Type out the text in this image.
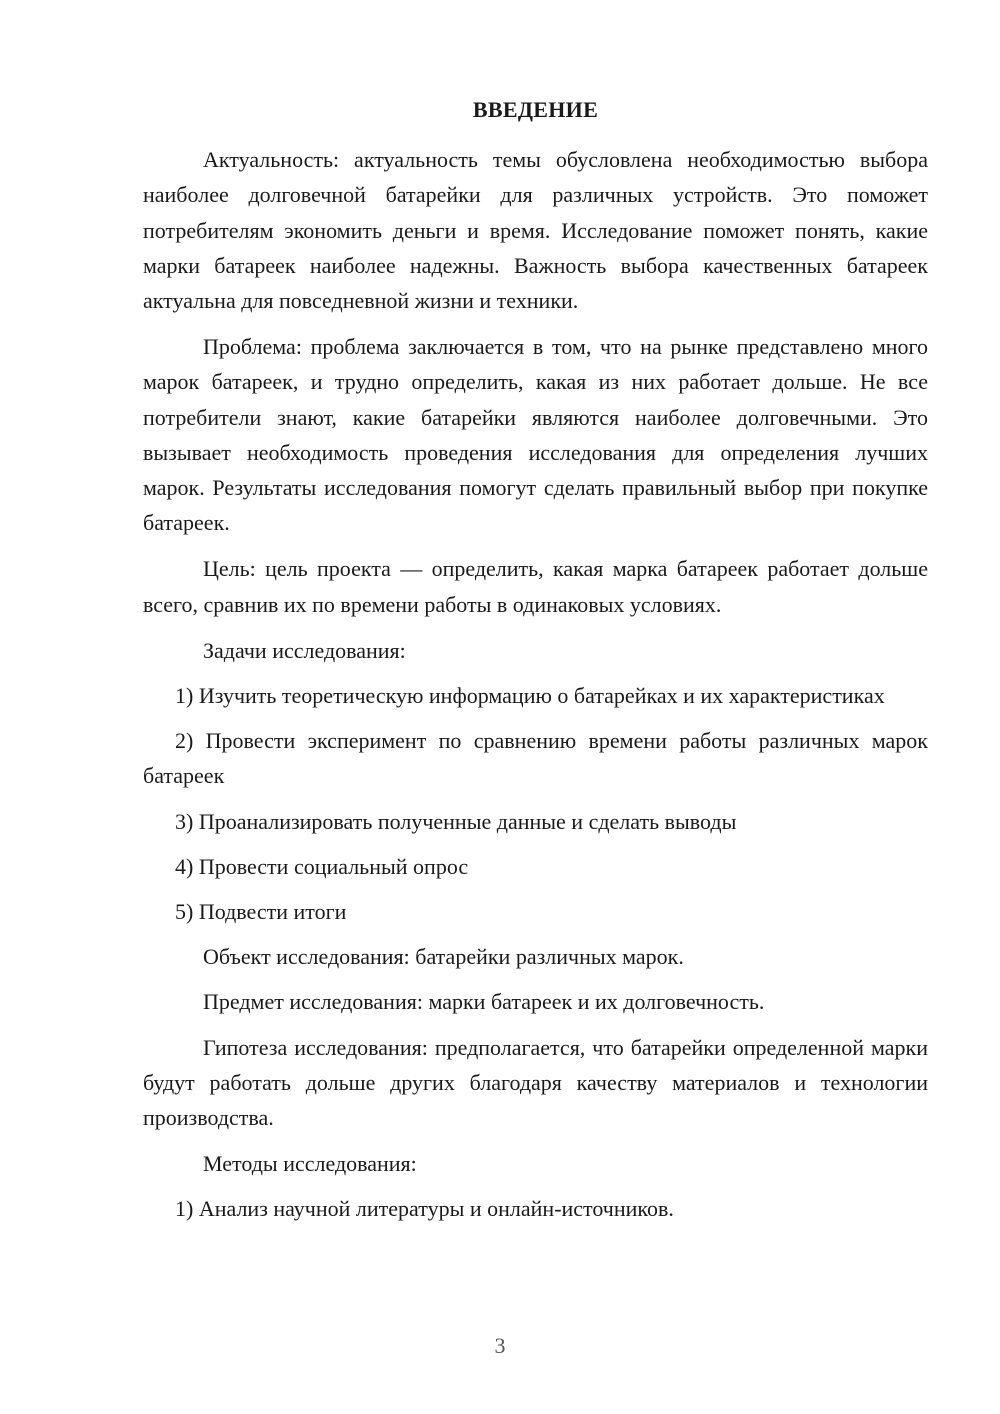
ВВЕДЕНИЕ

Актуальность: актуальность темы обусловлена необходимостью выбора наиболее долговечной батарейки для различных устройств. Это поможет потребителям экономить деньги и время. Исследование поможет понять, какие марки батареек наиболее надежны. Важность выбора качественных батареек актуальна для повседневной жизни и техники.

Проблема: проблема заключается в том, что на рынке представлено много марок батареек, и трудно определить, какая из них работает дольше. Не все потребители знают, какие батарейки являются наиболее долговечными. Это вызывает необходимость проведения исследования для определения лучших марок. Результаты исследования помогут сделать правильный выбор при покупке батареек.

Цель: цель проекта — определить, какая марка батареек работает дольше всего, сравнив их по времени работы в одинаковых условиях.

Задачи исследования:

1) Изучить теоретическую информацию о батарейках и их характеристиках

2) Провести эксперимент по сравнению времени работы различных марок батареек

3) Проанализировать полученные данные и сделать выводы

4) Провести социальный опрос

5) Подвести итоги

Объект исследования: батарейки различных марок.

Предмет исследования: марки батареек и их долговечность.

Гипотеза исследования: предполагается, что батарейки определенной марки будут работать дольше других благодаря качеству материалов и технологии производства.

Методы исследования:

1) Анализ научной литературы и онлайн-источников.

3
